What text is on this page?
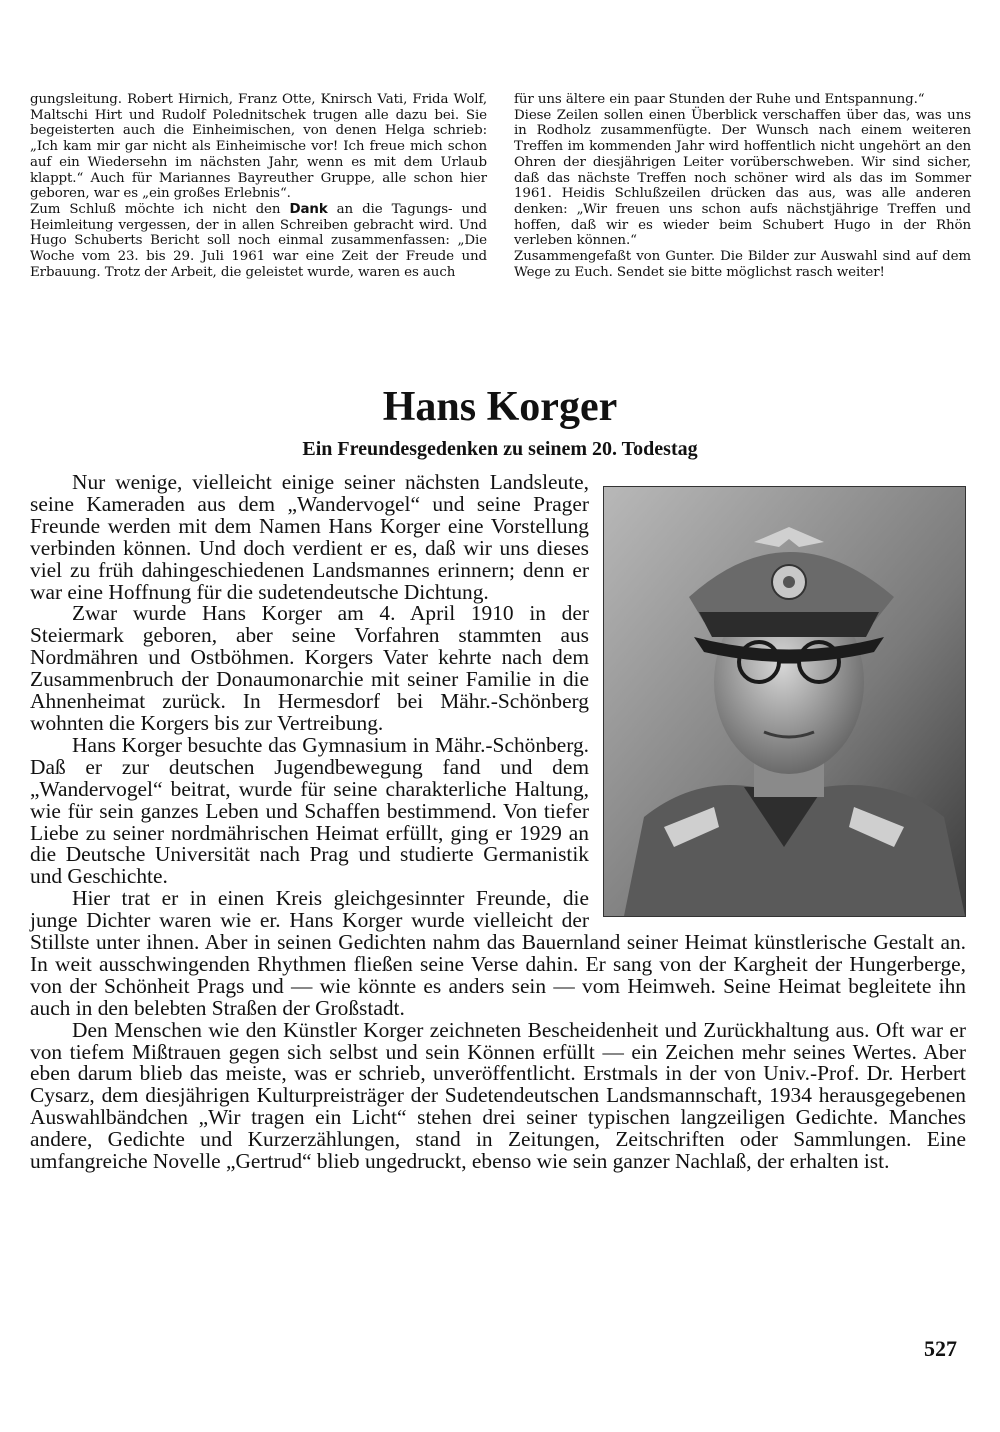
gungsleitung. Robert Hirnich, Franz Otte, Knirsch Vati, Frida Wolf, Maltschi Hirt und Rudolf Polednitschek trugen alle dazu bei. Sie begeisterten auch die Einheimischen, von denen Helga schrieb: „Ich kam mir gar nicht als Einheimische vor! Ich freue mich schon auf ein Wiedersehn im nächsten Jahr, wenn es mit dem Urlaub klappt.“ Auch für Mariannes Bayreuther Gruppe, alle schon hier geboren, war es „ein großes Erlebnis“.

Zum Schluß möchte ich nicht den Dank an die Tagungs- und Heimleitung vergessen, der in allen Schreiben gebracht wird. Und Hugo Schuberts Bericht soll noch einmal zusammenfassen: „Die Woche vom 23. bis 29. Juli 1961 war eine Zeit der Freude und Erbauung. Trotz der Arbeit, die geleistet wurde, waren es auch

für uns ältere ein paar Stunden der Ruhe und Entspannung.“

Diese Zeilen sollen einen Überblick verschaffen über das, was uns in Rodholz zusammenfügte. Der Wunsch nach einem weiteren Treffen im kommenden Jahr wird hoffentlich nicht ungehört an den Ohren der diesjährigen Leiter vorüberschweben. Wir sind sicher, daß das nächste Treffen noch schöner wird als das im Sommer 1961. Heidis Schlußzeilen drücken das aus, was alle anderen denken: „Wir freuen uns schon aufs nächstjährige Treffen und hoffen, daß wir es wieder beim Schubert Hugo in der Rhön verleben können.“

Zusammengefaßt von Gunter. Die Bilder zur Auswahl sind auf dem Wege zu Euch. Sendet sie bitte möglichst rasch weiter!

Hans Korger
Ein Freundesgedenken zu seinem 20. Todestag

Nur wenige, vielleicht einige seiner nächsten Landsleute, seine Kameraden aus dem „Wandervogel“ und seine Prager Freunde werden mit dem Namen Hans Korger eine Vorstellung verbinden können. Und doch verdient er es, daß wir uns dieses viel zu früh dahingeschiedenen Landsmannes erinnern; denn er war eine Hoffnung für die sudetendeutsche Dichtung.

Zwar wurde Hans Korger am 4. April 1910 in der Steiermark geboren, aber seine Vorfahren stammten aus Nordmähren und Ostböhmen. Korgers Vater kehrte nach dem Zusammenbruch der Donaumonarchie mit seiner Familie in die Ahnenheimat zurück. In Hermesdorf bei Mähr.-Schönberg wohnten die Korgers bis zur Vertreibung.

Hans Korger besuchte das Gymnasium in Mähr.-Schönberg. Daß er zur deutschen Jugendbewegung fand und dem „Wandervogel“ beitrat, wurde für seine charakterliche Haltung, wie für sein ganzes Leben und Schaffen bestimmend. Von tiefer Liebe zu seiner nordmährischen Heimat erfüllt, ging er 1929 an die Deutsche Universität nach Prag und studierte Germanistik und Geschichte.

Hier trat er in einen Kreis gleichgesinnter Freunde, die junge Dichter waren wie er. Hans Korger wurde vielleicht der Stillste unter ihnen. Aber in seinen Gedichten nahm das Bauernland seiner Heimat künstlerische Gestalt an. In weit ausschwingenden Rhythmen fließen seine Verse dahin. Er sang von der Kargheit der Hungerberge, von der Schönheit Prags und — wie könnte es anders sein — vom Heimweh. Seine Heimat begleitete ihn auch in den belebten Straßen der Großstadt.

Den Menschen wie den Künstler Korger zeichneten Bescheidenheit und Zurückhaltung aus. Oft war er von tiefem Mißtrauen gegen sich selbst und sein Können erfüllt — ein Zeichen mehr seines Wertes. Aber eben darum blieb das meiste, was er schrieb, unveröffentlicht. Erstmals in der von Univ.-Prof. Dr. Herbert Cysarz, dem diesjährigen Kulturpreisträger der Sudetendeutschen Landsmannschaft, 1934 herausgegebenen Auswahlbändchen „Wir tragen ein Licht“ stehen drei seiner typischen langzeiligen Gedichte. Manches andere, Gedichte und Kurzerzählungen, stand in Zeitungen, Zeitschriften oder Sammlungen. Eine umfangreiche Novelle „Gertrud“ blieb ungedruckt, ebenso wie sein ganzer Nachlaß, der erhalten ist.

527
